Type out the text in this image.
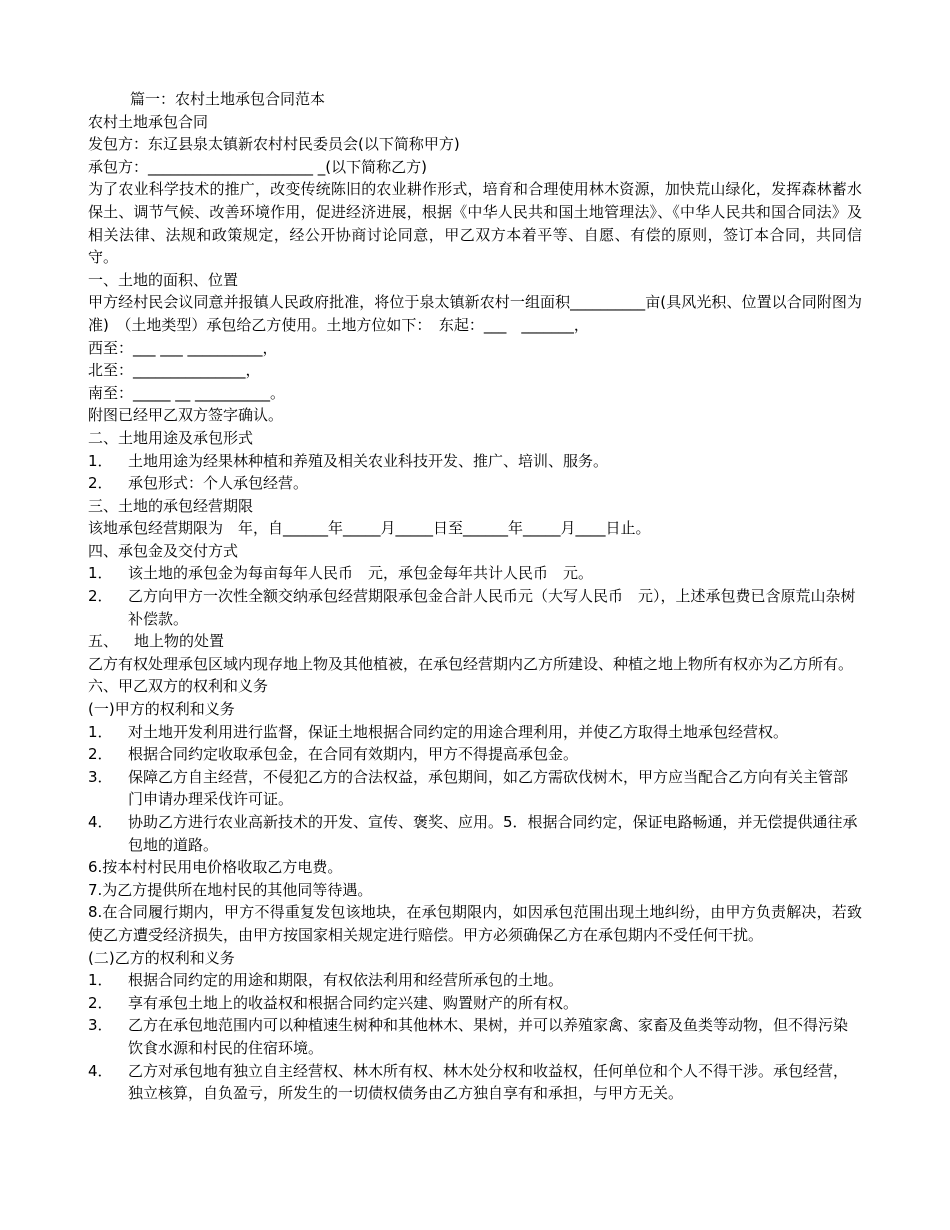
篇一：农村土地承包合同范本
农村土地承包合同
发包方：东辽县泉太镇新农村村民委员会(以下简称甲方)
承包方：______________________ _(以下简称乙方)
为了农业科学技术的推广，改变传统陈旧的农业耕作形式，培育和合理使用林木资源，加快荒山绿化，发挥森林蓄水保土、调节气候、改善环境作用，促进经济进展，根据《中华人民共和国土地管理法》、《中华人民共和国合同法》及相关法律、法规和政策规定，经公开协商讨论同意，甲乙双方本着平等、自愿、有偿的原则，签订本合同，共同信守。
一、土地的面积、位置
甲方经村民会议同意并报镇人民政府批准，将位于泉太镇新农村一组面积__________亩(具风光积、位置以合同附图为准)　（土地类型）承包给乙方使用。土地方位如下：　东起：___　_______，
西至：___ ___ __________，
北至：_______________，
南至：_____ __ __________。
附图已经甲乙双方签字确认。
二、土地用途及承包形式
1． 土地用途为经果林种植和养殖及相关农业科技开发、推广、培训、服务。
2． 承包形式：个人承包经营。
三、土地的承包经营期限
该地承包经营期限为　年，自______年_____月_____日至______年_____月____日止。
四、承包金及交付方式
1． 该土地的承包金为每亩每年人民币　元，承包金每年共计人民币　元。
2． 乙方向甲方一次性全额交纳承包经营期限承包金合計人民币元（大写人民币　元），上述承包费已含原荒山杂树补偿款。
五、 地上物的处置
乙方有权处理承包区域内现存地上物及其他植被，在承包经营期内乙方所建设、种植之地上物所有权亦为乙方所有。
六、甲乙双方的权利和义务
(一)甲方的权利和义务
1． 对土地开发利用进行监督，保证土地根据合同约定的用途合理利用，并使乙方取得土地承包经营权。
2． 根据合同约定收取承包金，在合同有效期内，甲方不得提高承包金。
3． 保障乙方自主经营，不侵犯乙方的合法权益，承包期间，如乙方需砍伐树木，甲方应当配合乙方向有关主管部门申请办理采伐许可证。
4． 协助乙方进行农业高新技术的开发、宣传、褒奖、应用。5．根据合同约定，保证电路畅通，并无偿提供通往承包地的道路。
6.按本村村民用电价格收取乙方电费。
7.为乙方提供所在地村民的其他同等待遇。
8.在合同履行期内，甲方不得重复发包该地块，在承包期限内，如因承包范围出现土地纠纷，由甲方负责解决，若致使乙方遭受经济损失，由甲方按国家相关规定进行赔偿。甲方必须确保乙方在承包期内不受任何干扰。
(二)乙方的权利和义务
1． 根据合同约定的用途和期限，有权依法利用和经营所承包的土地。
2． 享有承包土地上的收益权和根据合同约定兴建、购置财产的所有权。
3． 乙方在承包地范围内可以种植速生树种和其他林木、果树，并可以养殖家禽、家畜及鱼类等动物，但不得污染饮食水源和村民的住宿环境。
4． 乙方对承包地有独立自主经营权、林木所有权、林木处分权和收益权，任何单位和个人不得干涉。承包经营，独立核算，自负盈亏，所发生的一切债权债务由乙方独自享有和承担，与甲方无关。
